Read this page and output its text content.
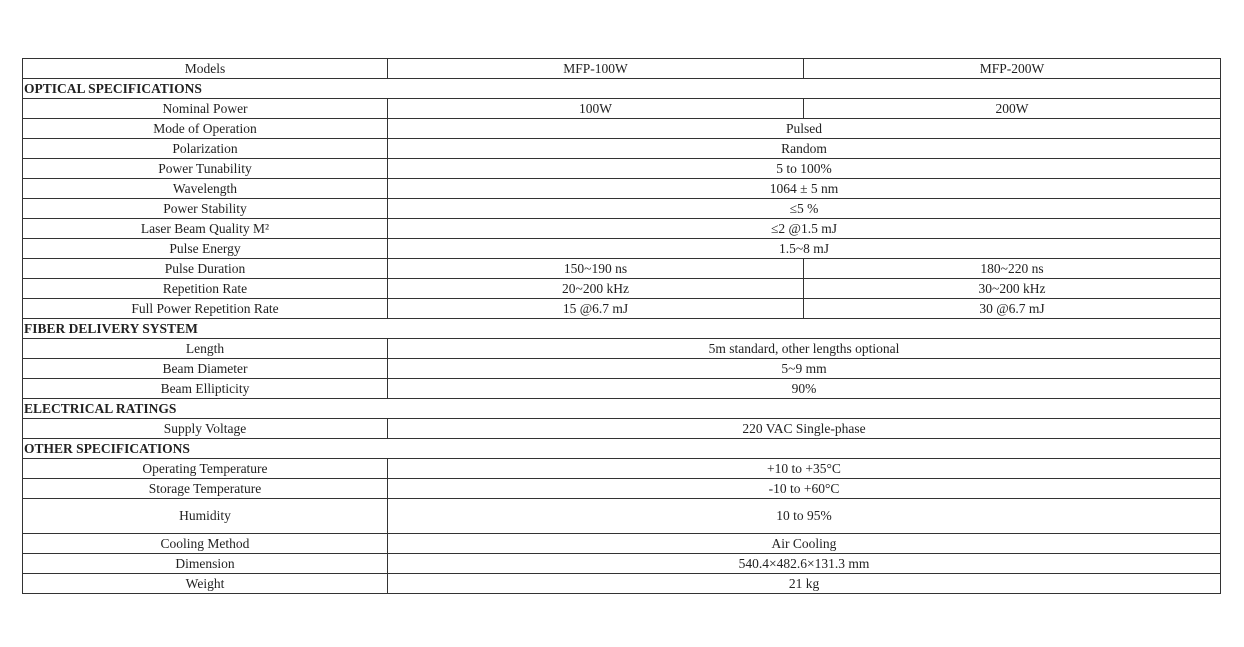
Models	MFP-100W	MFP-200W
OPTICAL SPECIFICATIONS		
Nominal Power	100W	200W
Mode of Operation	Pulsed	
Polarization	Random	
Power Tunability	5 to 100%	
Wavelength	1064 ± 5 nm	
Power Stability	≤5 %	
Laser Beam Quality M²	≤2 @1.5 mJ	
Pulse Energy	1.5~8 mJ	
Pulse Duration	150~190 ns	180~220 ns
Repetition Rate	20~200 kHz	30~200 kHz
Full Power Repetition Rate	15 @6.7 mJ	30 @6.7 mJ
FIBER DELIVERY SYSTEM		
Length	5m standard, other lengths optional	
Beam Diameter	5~9 mm	
Beam Ellipticity	90%	
ELECTRICAL RATINGS		
Supply Voltage	220 VAC Single-phase	
OTHER SPECIFICATIONS		
Operating Temperature	+10 to +35°C	
Storage Temperature	-10 to +60°C	
Humidity	10 to 95%	
Cooling Method	Air Cooling	
Dimension	540.4×482.6×131.3 mm	
Weight	21 kg	
